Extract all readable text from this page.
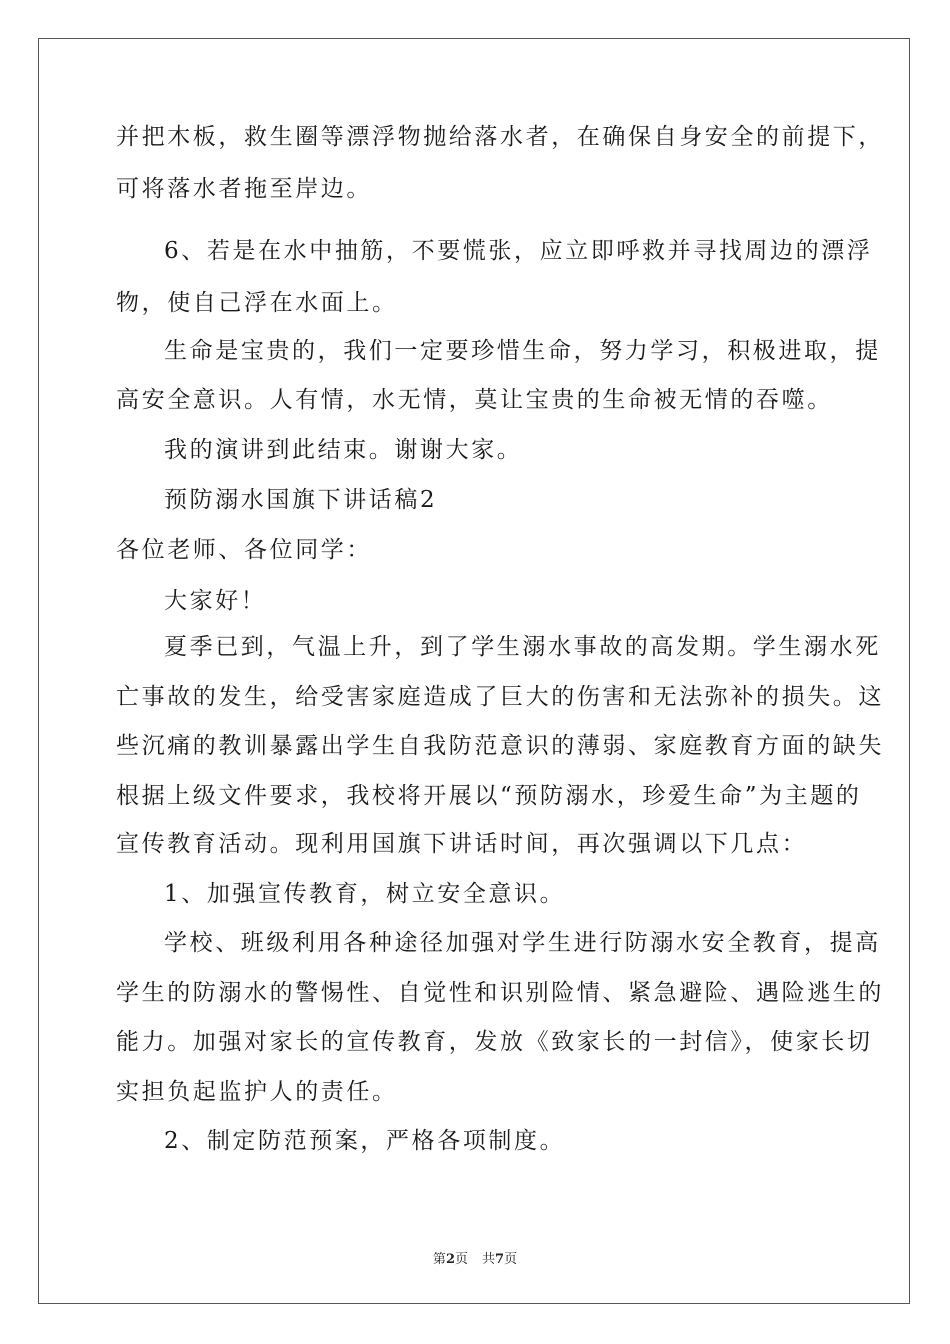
并把木板，救生圈等漂浮物抛给落水者，在确保自身安全的前提下，
可将落水者拖至岸边。
6、若是在水中抽筋，不要慌张，应立即呼救并寻找周边的漂浮
物，使自己浮在水面上。
生命是宝贵的，我们一定要珍惜生命，努力学习，积极进取，提
高安全意识。人有情，水无情，莫让宝贵的生命被无情的吞噬。
我的演讲到此结束。谢谢大家。
预防溺水国旗下讲话稿2
各位老师、各位同学：
大家好！
夏季已到，气温上升，到了学生溺水事故的高发期。学生溺水死
亡事故的发生，给受害家庭造成了巨大的伤害和无法弥补的损失。这
些沉痛的教训暴露出学生自我防范意识的薄弱、家庭教育方面的缺失
根据上级文件要求，我校将开展以“预防溺水，珍爱生命”为主题的
宣传教育活动。现利用国旗下讲话时间，再次强调以下几点：
1、加强宣传教育，树立安全意识。
学校、班级利用各种途径加强对学生进行防溺水安全教育，提高
学生的防溺水的警惕性、自觉性和识别险情、紧急避险、遇险逃生的
能力。加强对家长的宣传教育，发放《致家长的一封信》，使家长切
实担负起监护人的责任。
2、制定防范预案，严格各项制度。
第2页 共7页
